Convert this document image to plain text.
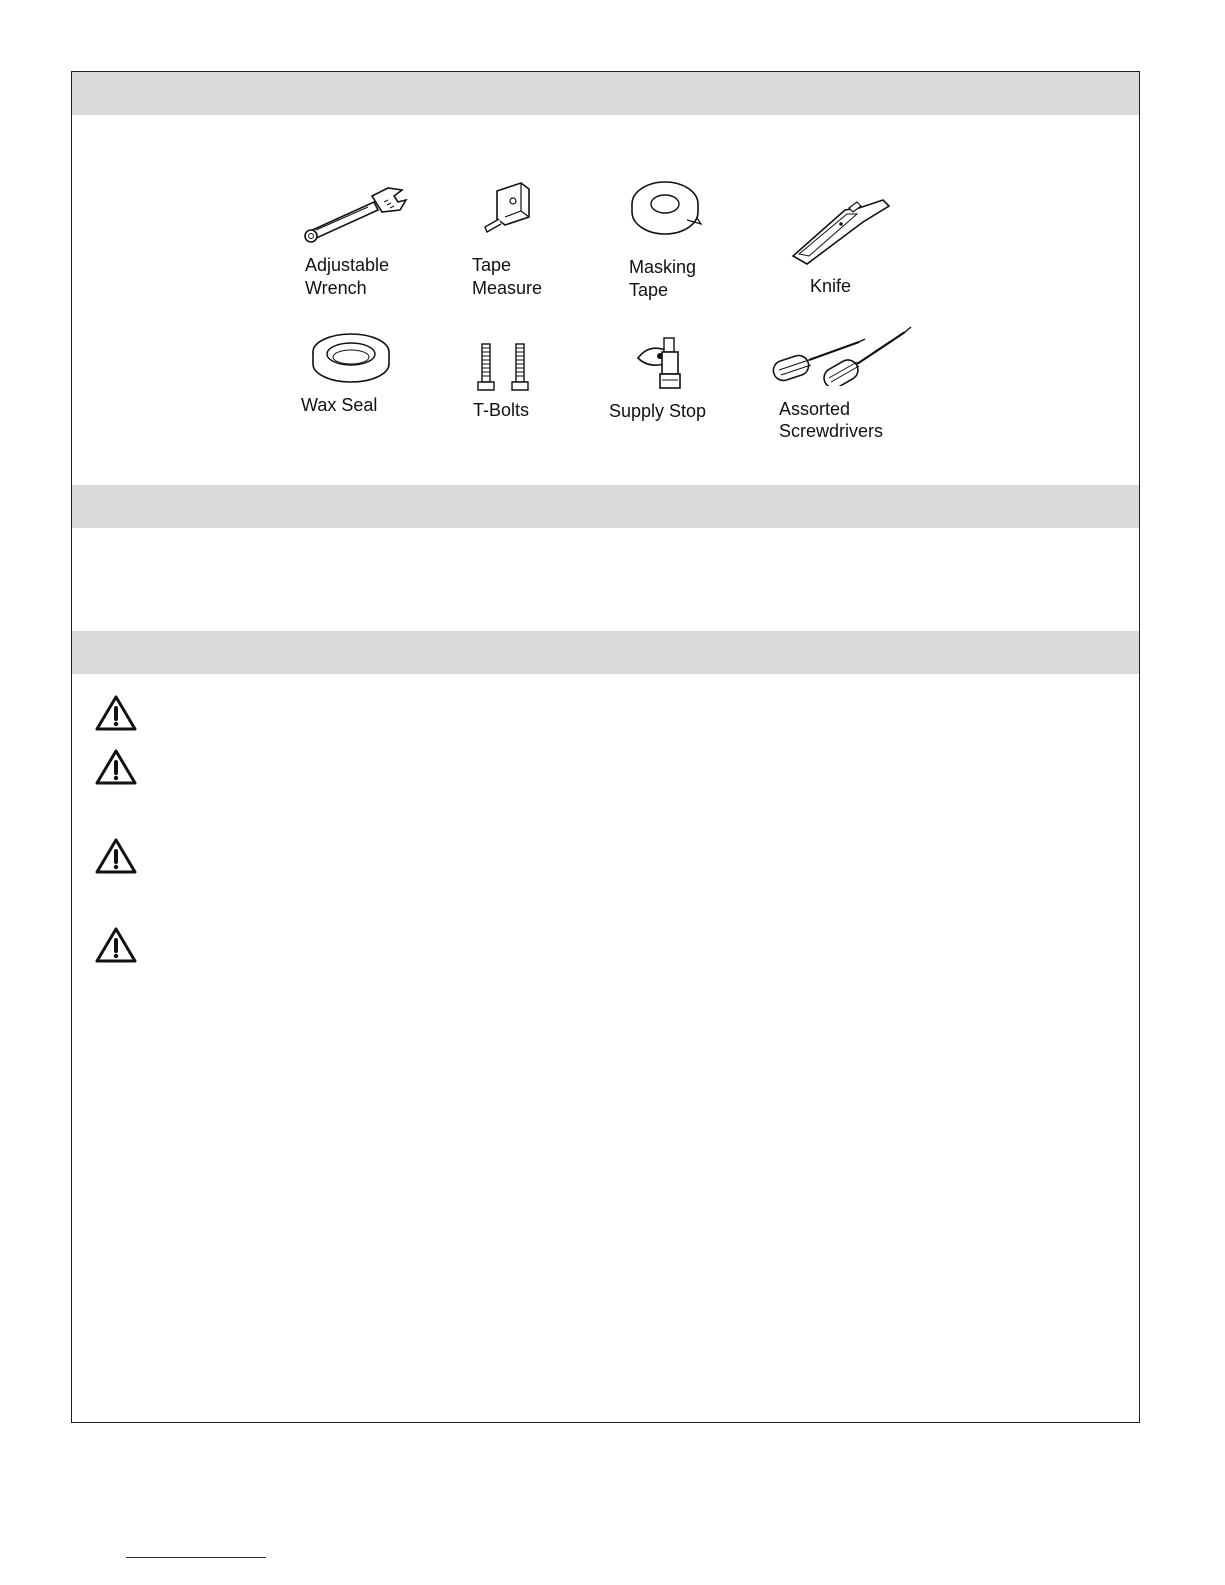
Adjustable
Wrench
Tape
Measure
Masking
Tape	Knife
Wax Seal	T-Bolts	Supply Stop	Assorted
Screwdrivers
